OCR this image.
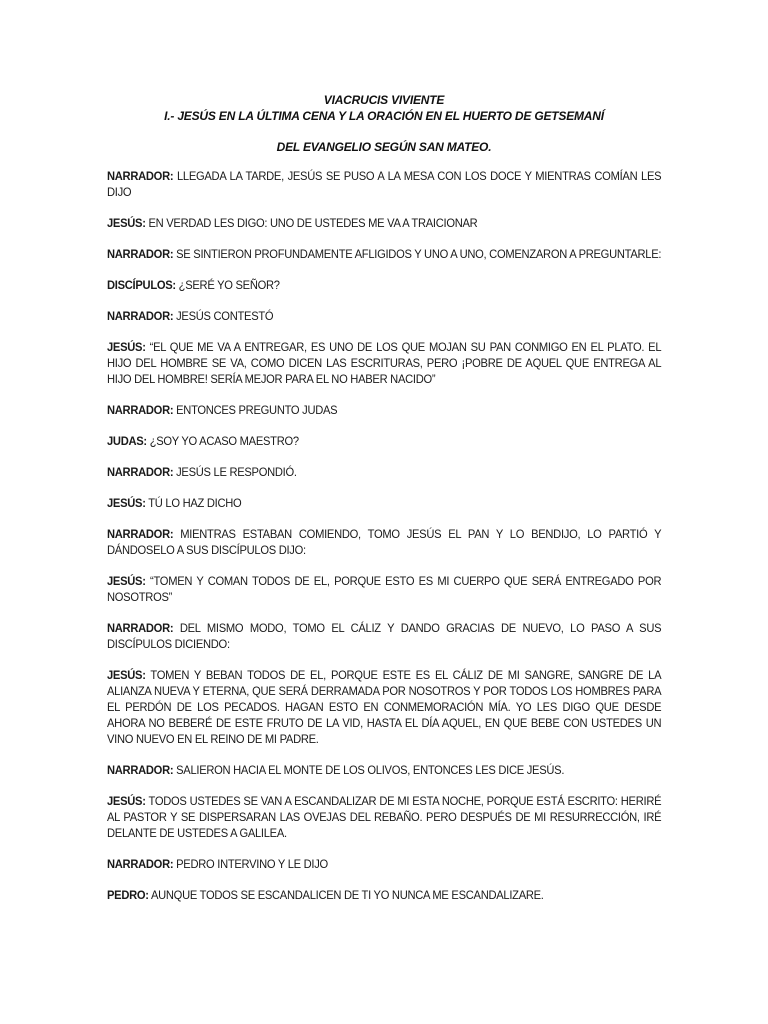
VIACRUCIS VIVIENTE
I.- JESÚS EN LA ÚLTIMA CENA Y LA ORACIÓN EN EL HUERTO DE GETSEMANÍ
DEL EVANGELIO SEGÚN SAN MATEO.

NARRADOR: LLEGADA LA TARDE, JESÚS SE PUSO A LA MESA CON LOS DOCE Y MIENTRAS COMÍAN LES DIJO

JESÚS: EN VERDAD LES DIGO: UNO DE USTEDES ME VA A TRAICIONAR

NARRADOR: SE SINTIERON PROFUNDAMENTE AFLIGIDOS Y UNO A UNO, COMENZARON A PREGUNTARLE:

DISCÍPULOS: ¿SERÉ YO SEÑOR?

NARRADOR: JESÚS CONTESTÓ

JESÚS: “EL QUE ME VA A ENTREGAR, ES UNO DE LOS QUE MOJAN SU PAN CONMIGO EN EL PLATO. EL HIJO DEL HOMBRE SE VA, COMO DICEN LAS ESCRITURAS, PERO ¡POBRE DE AQUEL QUE ENTREGA AL HIJO DEL HOMBRE! SERÍA MEJOR PARA EL NO HABER NACIDO”

NARRADOR: ENTONCES PREGUNTO JUDAS

JUDAS: ¿SOY YO ACASO MAESTRO?

NARRADOR: JESÚS LE RESPONDIÓ.

JESÚS: TÚ LO HAZ DICHO

NARRADOR: MIENTRAS ESTABAN COMIENDO, TOMO JESÚS EL PAN Y LO BENDIJO, LO PARTIÓ Y DÁNDOSELO A SUS DISCÍPULOS DIJO:

JESÚS: “TOMEN Y COMAN TODOS DE EL, PORQUE ESTO ES MI CUERPO QUE SERÁ ENTREGADO POR NOSOTROS”

NARRADOR: DEL MISMO MODO, TOMO EL CÁLIZ Y DANDO GRACIAS DE NUEVO, LO PASO A SUS DISCÍPULOS DICIENDO:

JESÚS: TOMEN Y BEBAN TODOS DE EL, PORQUE ESTE ES EL CÁLIZ DE MI SANGRE, SANGRE DE LA ALIANZA NUEVA Y ETERNA, QUE SERÁ DERRAMADA POR NOSOTROS Y POR TODOS LOS HOMBRES PARA EL PERDÓN DE LOS PECADOS. HAGAN ESTO EN CONMEMORACIÓN MÍA. YO LES DIGO QUE DESDE AHORA NO BEBERÉ DE ESTE FRUTO DE LA VID, HASTA EL DÍA AQUEL, EN QUE BEBE CON USTEDES UN VINO NUEVO EN EL REINO DE MI PADRE.

NARRADOR: SALIERON HACIA EL MONTE DE LOS OLIVOS, ENTONCES LES DICE JESÚS.

JESÚS: TODOS USTEDES SE VAN A ESCANDALIZAR DE MI ESTA NOCHE, PORQUE ESTÁ ESCRITO: HERIRÉ AL PASTOR Y SE DISPERSARAN LAS OVEJAS DEL REBAÑO. PERO DESPUÉS DE MI RESURRECCIÓN, IRÉ DELANTE DE USTEDES A GALILEA.

NARRADOR: PEDRO INTERVINO Y LE DIJO

PEDRO: AUNQUE TODOS SE ESCANDALICEN DE TI YO NUNCA ME ESCANDALIZARE.
